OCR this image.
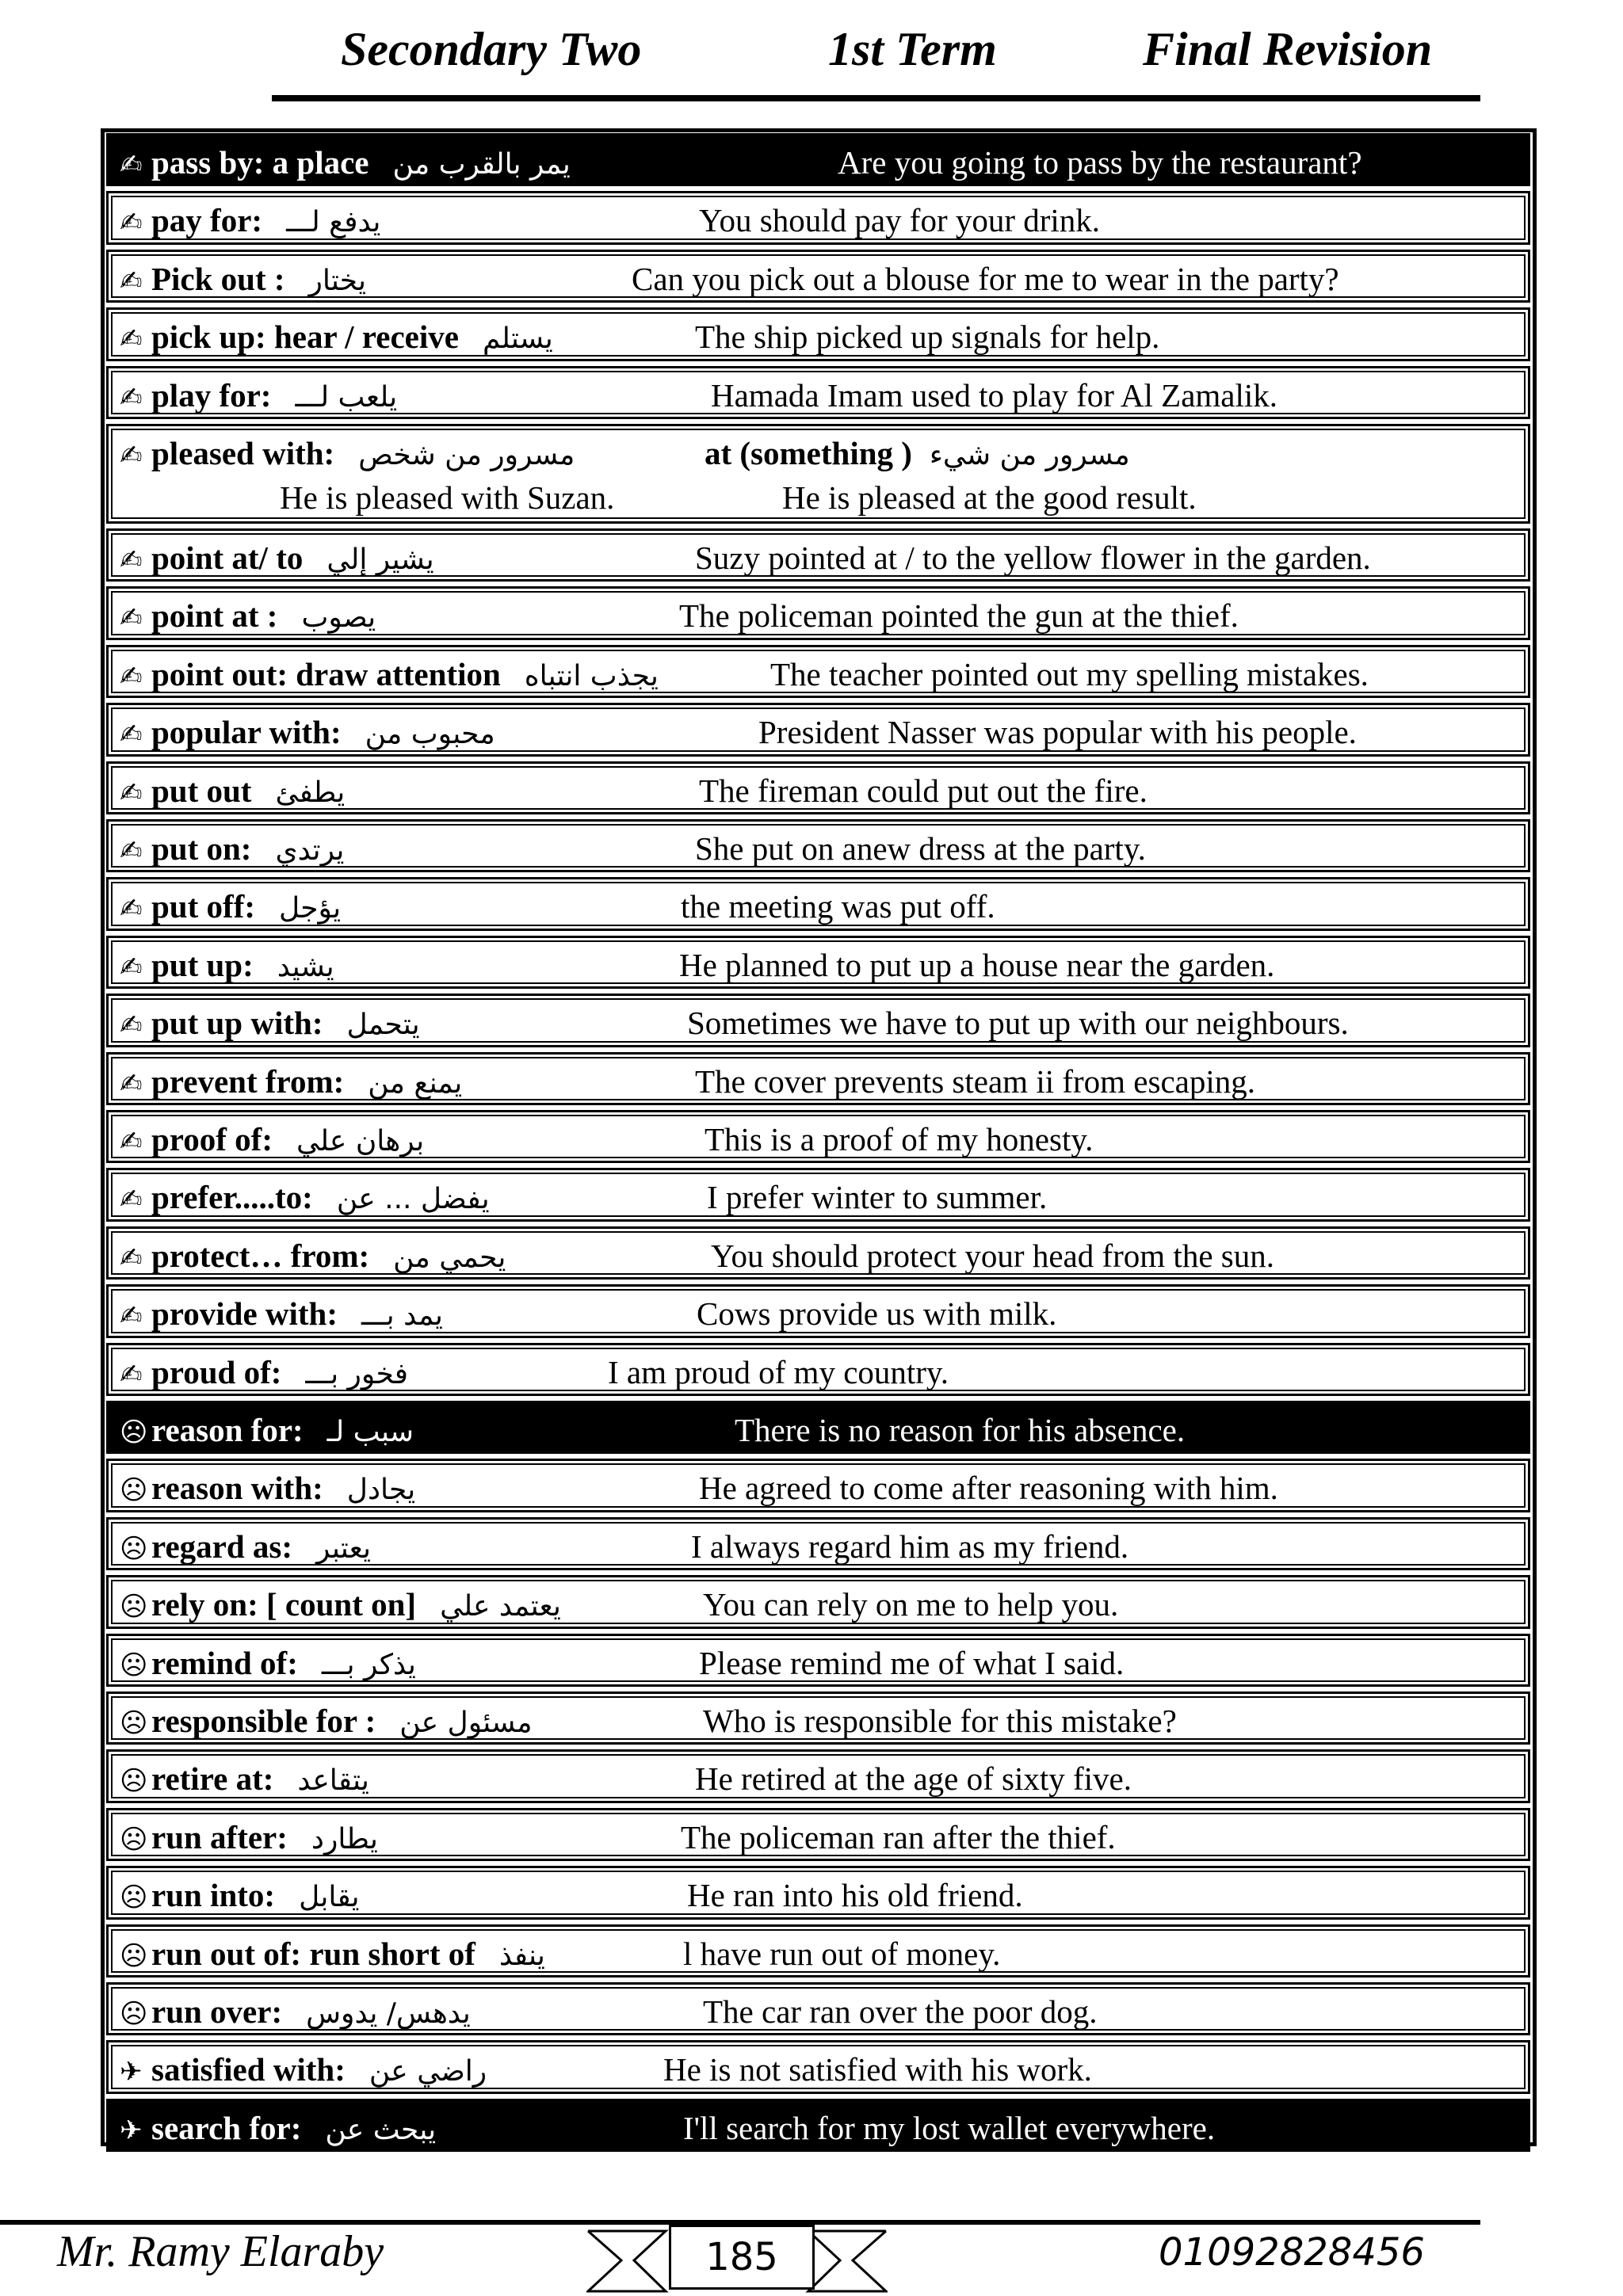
Secondary Two	1st Term	Final Revision
✍ pass by: a place يمر بالقرب من	Are you going to pass by the restaurant?
✍ pay for: يدفع لـــ	You should pay for your drink.
✍ Pick out : يختار	Can you pick out a blouse for me to wear in the party?
✍ pick up: hear / receive يستلم	The ship picked up signals for help.
✍ play for: يلعب لـــ	Hamada Imam used to play for Al Zamalik.
✍ pleased with: مسرور من شخص	at (something ) مسرور من شيء
He is pleased with Suzan.	He is pleased at the good result.
✍ point at/ to يشير إلي	Suzy pointed at / to the yellow flower in the garden.
✍ point at : يصوب	The policeman pointed the gun at the thief.
✍ point out: draw attention يجذب انتباه	The teacher pointed out my spelling mistakes.
✍ popular with: محبوب من	President Nasser was popular with his people.
✍ put out يطفئ	The fireman could put out the fire.
✍ put on: يرتدي	She put on anew dress at the party.
✍ put off: يؤجل	the meeting was put off.
✍ put up: يشيد	He planned to put up a house near the garden.
✍ put up with: يتحمل	Sometimes we have to put up with our neighbours.
✍ prevent from: يمنع من	The cover prevents steam ii from escaping.
✍ proof of: برهان علي	This is a proof of my honesty.
✍ prefer.....to: يفضل ... عن	I prefer winter to summer.
✍ protect… from: يحمي من	You should protect your head from the sun.
✍ provide with: يمد بـــ	Cows provide us with milk.
✍ proud of: فخور بـــ	I am proud of my country.
☹ reason for: سبب لـ	There is no reason for his absence.
☹ reason with: يجادل	He agreed to come after reasoning with him.
☹ regard as: يعتبر	I always regard him as my friend.
☹ rely on: [ count on] يعتمد علي	You can rely on me to help you.
☹ remind of: يذكر بـــ	Please remind me of what I said.
☹ responsible for : مسئول عن	Who is responsible for this mistake?
☹ retire at: يتقاعد	He retired at the age of sixty five.
☹ run after: يطارد	The policeman ran after the thief.
☹ run into: يقابل	He ran into his old friend.
☹ run out of: run short of ينفذ	l have run out of money.
☹ run over: يدهس/ يدوس	The car ran over the poor dog.
✈ satisfied with: راضي عن	He is not satisfied with his work.
✈ search for: يبحث عن	I'll search for my lost wallet everywhere.
Mr. Ramy Elaraby	185	01092828456
